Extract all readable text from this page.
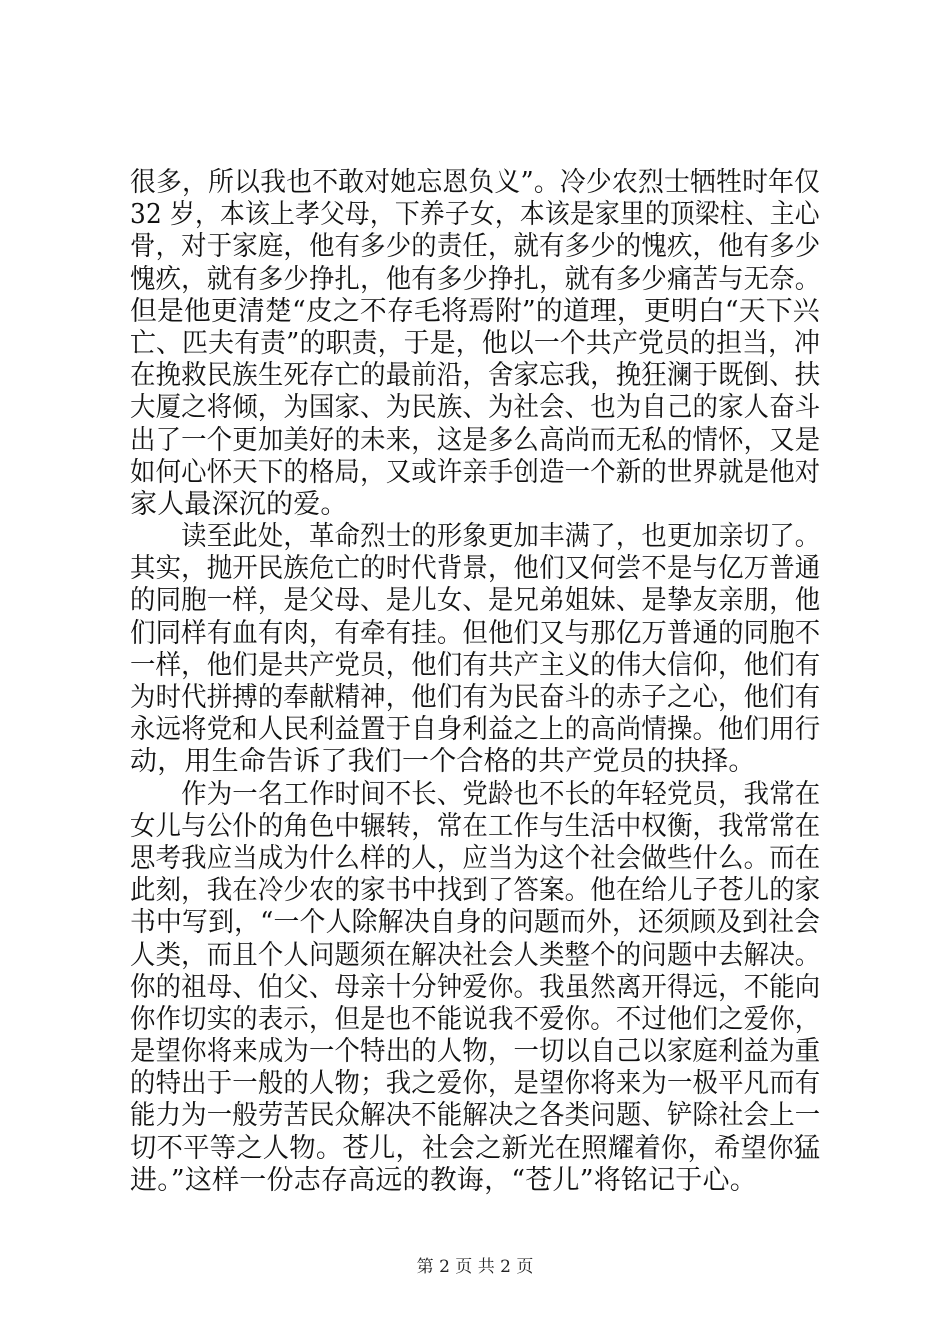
很多，所以我也不敢对她忘恩负义”。冷少农烈士牺牲时年仅
32 岁，本该上孝父母，下养子女，本该是家里的顶梁柱、主心
骨，对于家庭，他有多少的责任，就有多少的愧疚，他有多少
愧疚，就有多少挣扎，他有多少挣扎，就有多少痛苦与无奈。
但是他更清楚“皮之不存毛将焉附”的道理，更明白“天下兴
亡、匹夫有责”的职责，于是，他以一个共产党员的担当，冲
在挽救民族生死存亡的最前沿，舍家忘我，挽狂澜于既倒、扶
大厦之将倾，为国家、为民族、为社会、也为自己的家人奋斗
出了一个更加美好的未来，这是多么高尚而无私的情怀，又是
如何心怀天下的格局，又或许亲手创造一个新的世界就是他对
家人最深沉的爱。
　　读至此处，革命烈士的形象更加丰满了，也更加亲切了。
其实，抛开民族危亡的时代背景，他们又何尝不是与亿万普通
的同胞一样，是父母、是儿女、是兄弟姐妹、是挚友亲朋，他
们同样有血有肉，有牵有挂。但他们又与那亿万普通的同胞不
一样，他们是共产党员，他们有共产主义的伟大信仰，他们有
为时代拼搏的奉献精神，他们有为民奋斗的赤子之心，他们有
永远将党和人民利益置于自身利益之上的高尚情操。他们用行
动，用生命告诉了我们一个合格的共产党员的抉择。
　　作为一名工作时间不长、党龄也不长的年轻党员，我常在
女儿与公仆的角色中辗转，常在工作与生活中权衡，我常常在
思考我应当成为什么样的人，应当为这个社会做些什么。而在
此刻，我在冷少农的家书中找到了答案。他在给儿子苍儿的家
书中写到，“一个人除解决自身的问题而外，还须顾及到社会
人类，而且个人问题须在解决社会人类整个的问题中去解决。
你的祖母、伯父、母亲十分钟爱你。我虽然离开得远，不能向
你作切实的表示，但是也不能说我不爱你。不过他们之爱你，
是望你将来成为一个特出的人物，一切以自己以家庭利益为重
的特出于一般的人物；我之爱你，是望你将来为一极平凡而有
能力为一般劳苦民众解决不能解决之各类问题、铲除社会上一
切不平等之人物。苍儿，社会之新光在照耀着你，希望你猛
进。”这样一份志存高远的教诲，“苍儿”将铭记于心。
第 2 页 共 2 页
